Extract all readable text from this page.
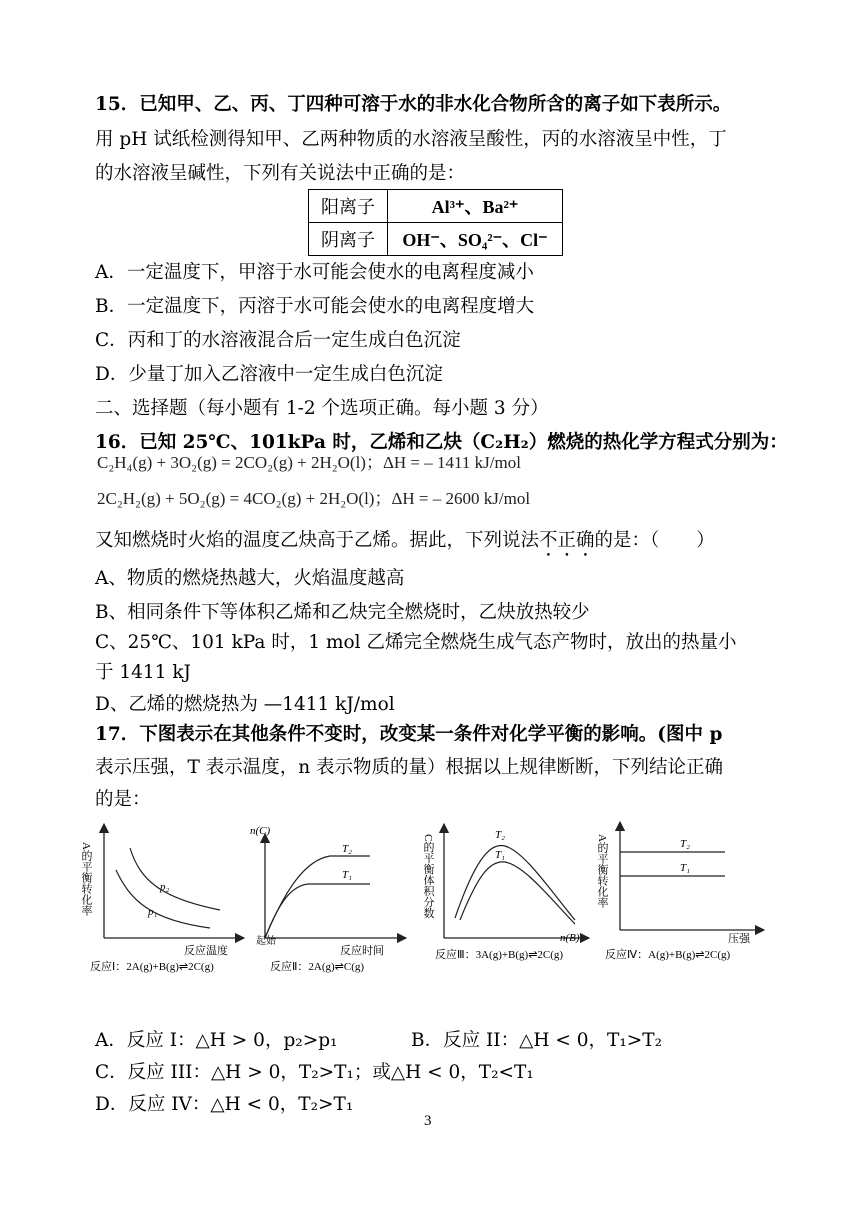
15．已知甲、乙、丙、丁四种可溶于水的非水化合物所含的离子如下表所示。
用 pH 试纸检测得知甲、乙两种物质的水溶液呈酸性，丙的水溶液呈中性，丁
的水溶液呈碱性，下列有关说法中正确的是：
阳离子	Al³⁺、Ba²⁺
阴离子	OH⁻、SO₄²⁻、Cl⁻
A．一定温度下，甲溶于水可能会使水的电离程度减小
B．一定温度下，丙溶于水可能会使水的电离程度增大
C．丙和丁的水溶液混合后一定生成白色沉淀
D．少量丁加入乙溶液中一定生成白色沉淀
二、选择题（每小题有 1-2 个选项正确。每小题 3 分）
16．已知 25℃、101kPa 时，乙烯和乙炔（C₂H₂）燃烧的热化学方程式分别为：
C₂H₄(g) + 3O₂(g) = 2CO₂(g) + 2H₂O(l)；ΔH = – 1411 kJ/mol
2C₂H₂(g) + 5O₂(g) = 4CO₂(g) + 2H₂O(l)；ΔH = – 2600 kJ/mol
又知燃烧时火焰的温度乙炔高于乙烯。据此，下列说法不正确的是：（　　）
A、物质的燃烧热越大，火焰温度越高
B、相同条件下等体积乙烯和乙炔完全燃烧时，乙炔放热较少
C、25℃、101 kPa 时，1 mol 乙烯完全燃烧生成气态产物时，放出的热量小
于 1411 kJ
D、乙烯的燃烧热为 —1411 kJ/mol
17．下图表示在其他条件不变时，改变某一条件对化学平衡的影响。(图中 p
表示压强，T 表示温度，n 表示物质的量）根据以上规律断断，下列结论正确
的是：
A的平衡转化率	p₂
p₁
反应温度
反应Ⅰ：2A(g)+B(g)⇌2C(g)
n(C)
T₂
T₁
起始
反应时间
反应Ⅱ：2A(g)⇌C(g)
C的平衡体积分数	T₂
T₁
n(B)
反应Ⅲ：3A(g)+B(g)⇌2C(g)
A的平衡转化率	T₂
T₁
压强
反应Ⅳ：A(g)+B(g)⇌2C(g)
A．反应 I：△H > 0，p₂>p₁	B．反应 II：△H < 0，T₁>T₂
C．反应 III：△H > 0，T₂>T₁；或△H < 0，T₂<T₁
D．反应 IV：△H < 0，T₂>T₁
3
